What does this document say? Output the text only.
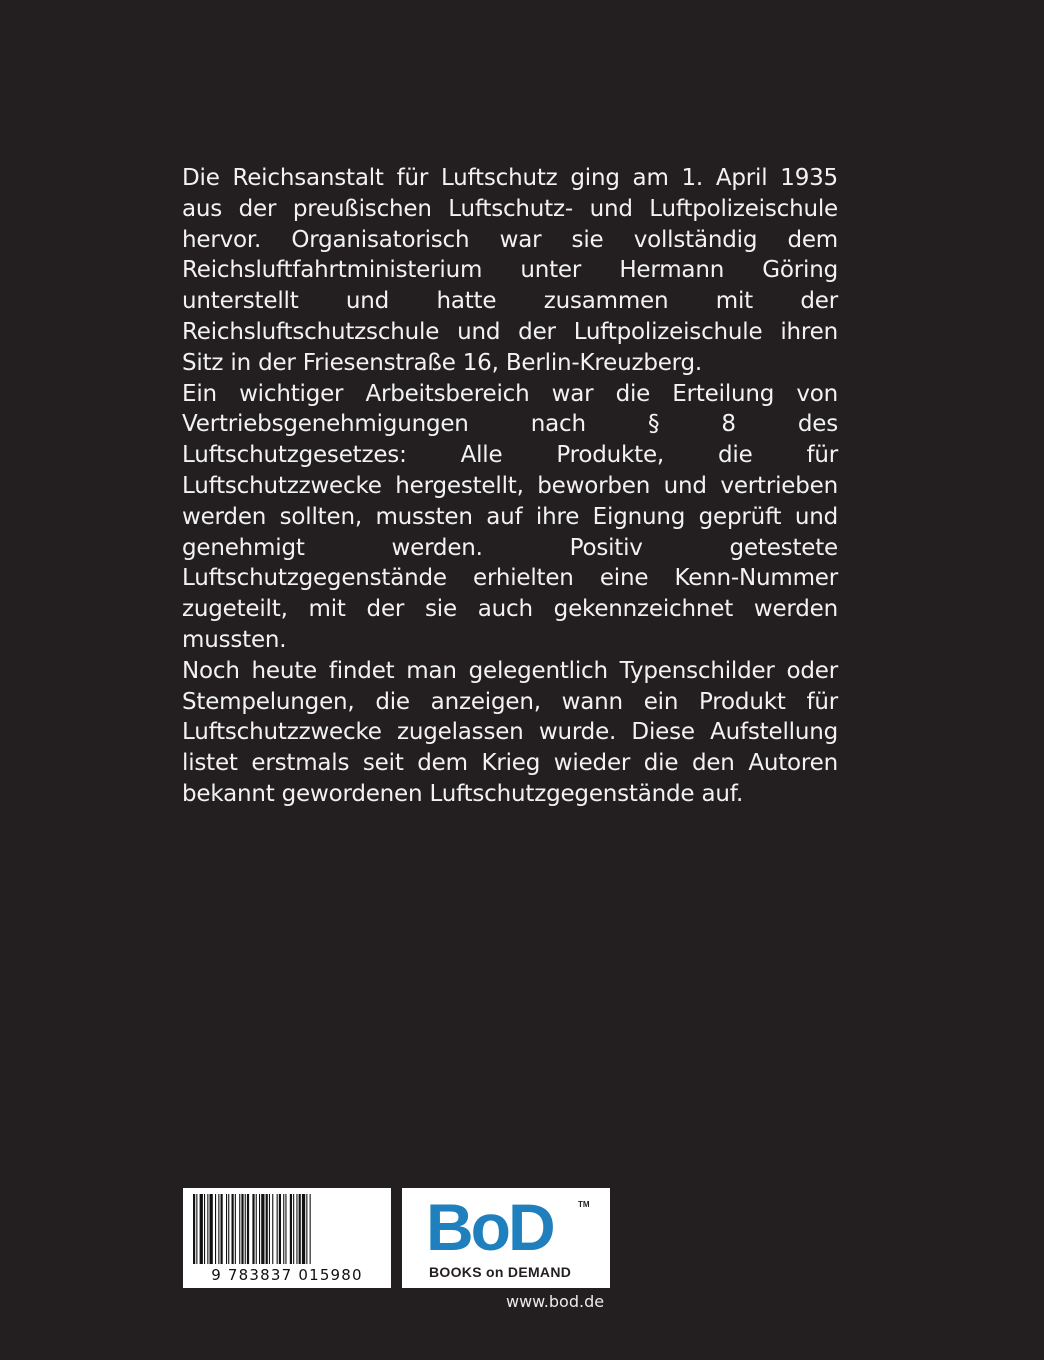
Die Reichsanstalt für Luftschutz ging am 1. April 1935 aus der preußischen Luftschutz- und Luftpolizeischule hervor. Organisatorisch war sie vollständig dem Reichsluftfahrtministerium unter Hermann Göring unterstellt und hatte zusammen mit der Reichsluftschutzschule und der Luftpolizeischule ihren Sitz in der Friesenstraße 16, Berlin-Kreuzberg.

Ein wichtiger Arbeitsbereich war die Erteilung von Vertriebsgenehmigungen nach § 8 des Luftschutzgesetzes: Alle Produkte, die für Luftschutzzwecke hergestellt, beworben und vertrieben werden sollten, mussten auf ihre Eignung geprüft und genehmigt werden. Positiv getestete Luftschutzgegenstände erhielten eine Kenn-Nummer zugeteilt, mit der sie auch gekennzeichnet werden mussten.

Noch heute findet man gelegentlich Typenschilder oder Stempelungen, die anzeigen, wann ein Produkt für Luftschutzzwecke zugelassen wurde. Diese Aufstellung listet erstmals seit dem Krieg wieder die den Autoren bekannt gewordenen Luftschutzgegenstände auf.

9 783837 015980
BoD	TM
BOOKS on DEMAND
www.bod.de
